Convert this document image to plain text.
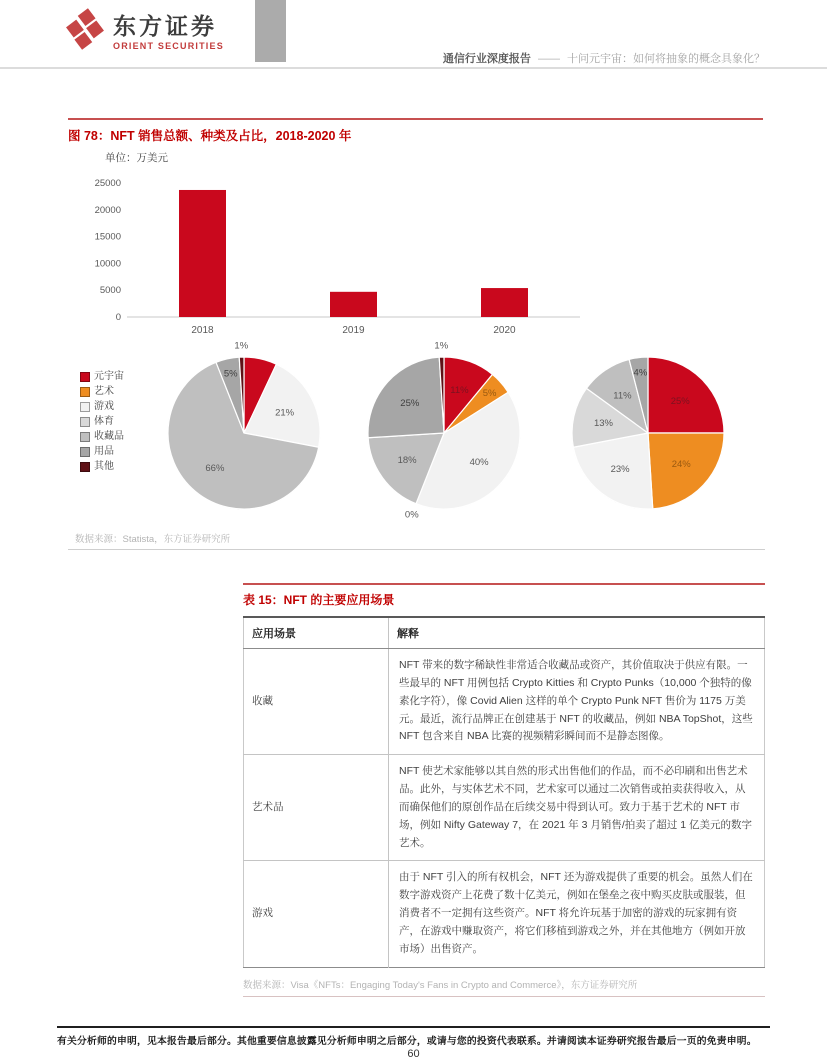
东方证券
ORIENT SECURITIES
通信行业深度报告 —— 十问元宇宙：如何将抽象的概念具象化？
图 78：NFT 销售总额、种类及占比，2018-2020 年
单位：万美元
0
5000
10000
15000
20000
25000
2018	2019	2020
元宇宙
艺术
游戏
体育
收藏品
用品
其他
21%
66%
5%
1%
11% 5%
40%
0%
18%
25%
1%
25%
24%
23%
13%
11%
4%
数据来源：Statista，东方证券研究所
表 15：NFT 的主要应用场景
应用场景	解释
收藏	NFT 带来的数字稀缺性非常适合收藏品或资产，其价值取决于供应有限。一些最早的 NFT 用例包括 Crypto Kitties 和 Crypto Punks（10,000 个独特的像素化字符），像 Covid Alien 这样的单个 Crypto Punk NFT 售价为 1175 万美元。最近，流行品牌正在创建基于 NFT 的收藏品，例如 NBA TopShot，这些 NFT 包含来自 NBA 比赛的视频精彩瞬间而不是静态图像。
艺术品	NFT 使艺术家能够以其自然的形式出售他们的作品，而不必印刷和出售艺术品。此外，与实体艺术不同，艺术家可以通过二次销售或拍卖获得收入，从而确保他们的原创作品在后续交易中得到认可。致力于基于艺术的 NFT 市场，例如 Nifty Gateway 7，在 2021 年 3 月销售/拍卖了超过 1 亿美元的数字艺术。
游戏	由于 NFT 引入的所有权机会，NFT 还为游戏提供了重要的机会。虽然人们在数字游戏资产上花费了数十亿美元，例如在堡垒之夜中购买皮肤或服装，但消费者不一定拥有这些资产。NFT 将允许玩基于加密的游戏的玩家拥有资产，在游戏中赚取资产，将它们移植到游戏之外，并在其他地方（例如开放市场）出售资产。
数据来源：Visa《NFTs：Engaging Today's Fans in Crypto and Commerce》，东方证券研究所
有关分析师的申明，见本报告最后部分。其他重要信息披露见分析师申明之后部分，或请与您的投资代表联系。并请阅读本证券研究报告最后一页的免责申明。
60
